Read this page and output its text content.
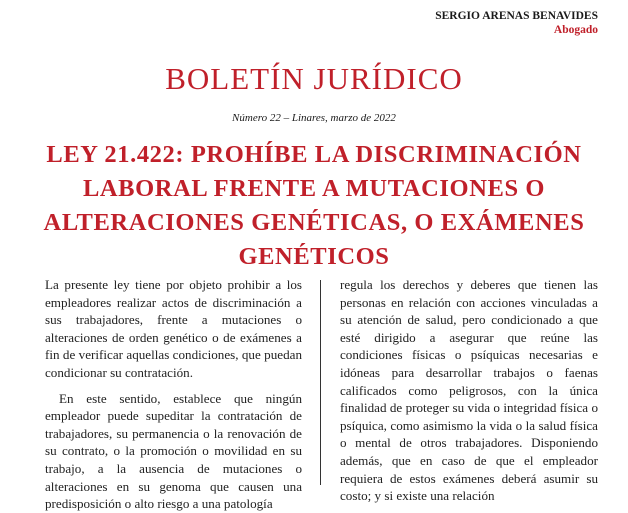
SERGIO ARENAS BENAVIDES
Abogado
BOLETÍN JURÍDICO
Número 22 – Linares, marzo de 2022
LEY 21.422: PROHÍBE LA DISCRIMINACIÓN LABORAL FRENTE A MUTACIONES O ALTERACIONES GENÉTICAS, O EXÁMENES GENÉTICOS

La presente ley tiene por objeto prohibir a los empleadores realizar actos de discriminación a sus trabajadores, frente a mutaciones o alteraciones de orden genético o de exámenes a fin de verificar aquellas condiciones, que puedan condicionar su contratación.

En este sentido, establece que ningún empleador puede supeditar la contratación de trabajadores, su permanencia o la renovación de su contrato, o la promoción o movilidad en su trabajo, a la ausencia de mutaciones o alteraciones en su genoma que causen una predisposición o alto riesgo a una patología

regula los derechos y deberes que tienen las personas en relación con acciones vinculadas a su atención de salud, pero condicionado a que esté dirigido a asegurar que reúne las condiciones físicas o psíquicas necesarias e idóneas para desarrollar trabajos o faenas calificados como peligrosos, con la única finalidad de proteger su vida o integridad física o psíquica, como asimismo la vida o la salud física o mental de otros trabajadores. Disponiendo además, que en caso de que el empleador requiera de estos exámenes deberá asumir su costo; y si existe una relación
